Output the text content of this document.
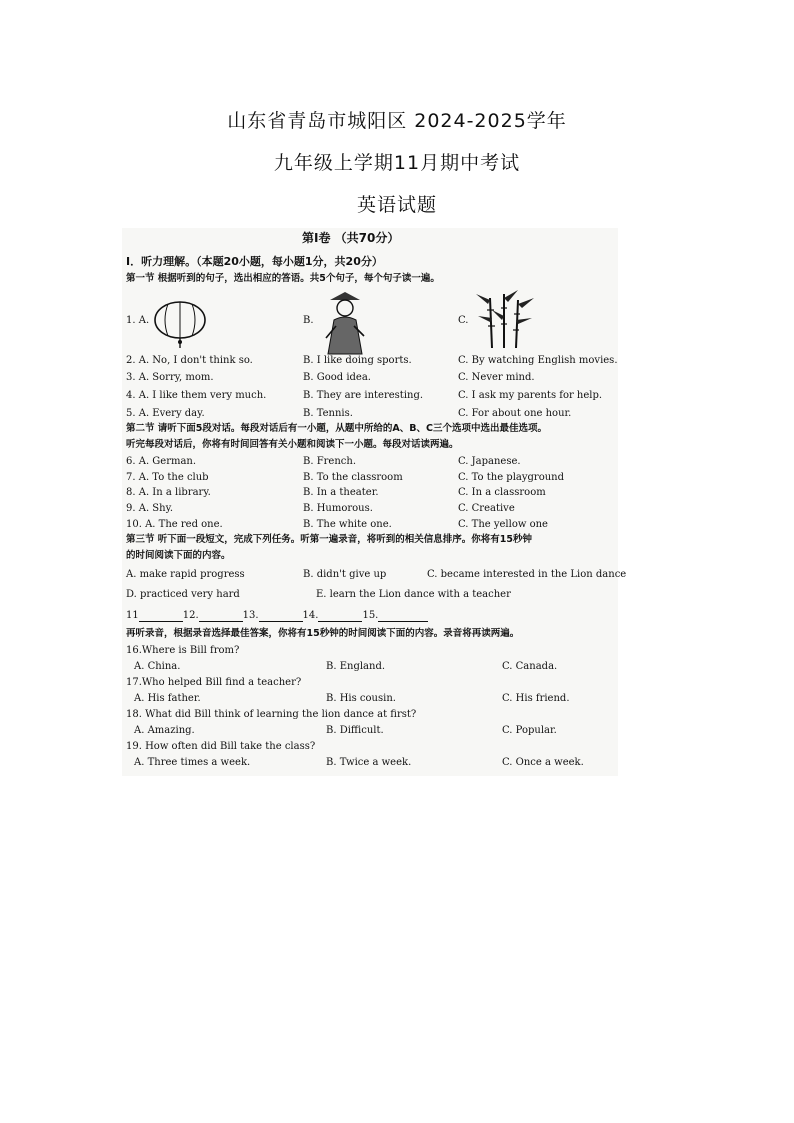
山东省青岛市城阳区 2024-2025学年
九年级上学期11月期中考试
英语试题
第Ⅰ卷 （共70分）
Ⅰ．听力理解。（本题20小题，每小题1分，共20分）
第一节 根据听到的句子，选出相应的答语。共5个句子，每个句子读一遍。
1. A.	B.	C.
2. A. No, I don't think so.	B. I like doing sports.	C. By watching English movies.
3. A. Sorry, mom.	B. Good idea.	C. Never mind.
4. A. I like them very much.	B. They are interesting.	C. I ask my parents for help.
5. A. Every day.	B. Tennis.	C. For about one hour.
第二节 请听下面5段对话。每段对话后有一小题，从题中所给的A、B、C三个选项中选出最佳选项。
听完每段对话后，你将有时间回答有关小题和阅读下一小题。每段对话读两遍。
6. A. German.	B. French.	C. Japanese.
7. A. To the club	B. To the classroom	C. To the playground
8. A. In a library.	B. In a theater.	C. In a classroom
9. A. Shy.	B. Humorous.	C. Creative
10. A. The red one.	B. The white one.	C. The yellow one
第三节 听下面一段短文，完成下列任务。听第一遍录音，将听到的相关信息排序。你将有15秒钟
的时间阅读下面的内容。
A. make rapid progress	B. didn't give up	C. became interested in the Lion dance
D. practiced very hard	E. learn the Lion dance with a teacher
11	12.	13.	14.	15.
再听录音，根据录音选择最佳答案，你将有15秒钟的时间阅读下面的内容。录音将再读两遍。
16.Where is Bill from?
A. China.	B. England.	C. Canada.
17.Who helped Bill find a teacher?
A. His father.	B. His cousin.	C. His friend.
18. What did Bill think of learning the lion dance at first?
A. Amazing.	B. Difficult.	C. Popular.
19. How often did Bill take the class?
A. Three times a week.	B. Twice a week.	C. Once a week.
